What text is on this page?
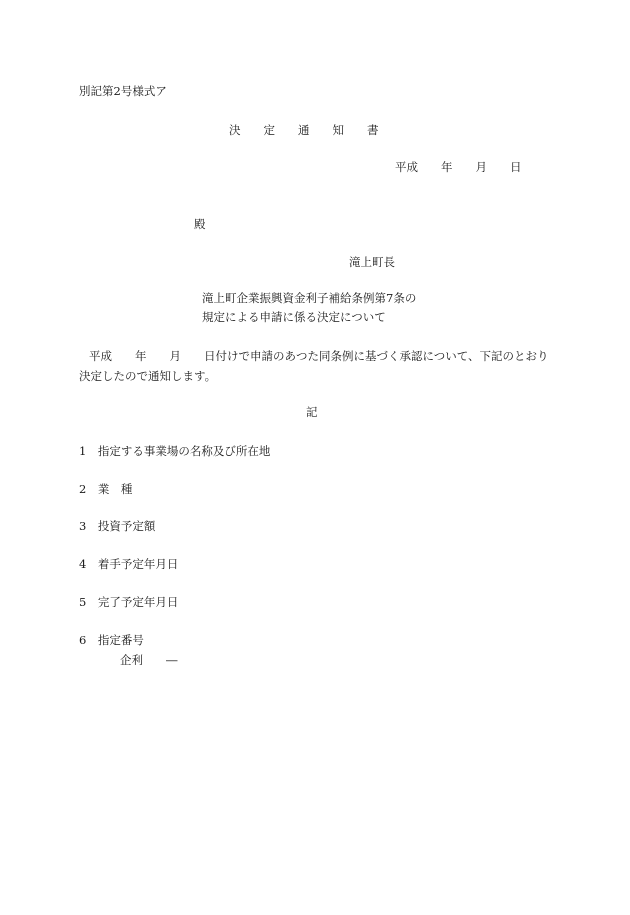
別記第2号様式ア
決　　定　　通　　知　　書
平成　　年　　月　　日
殿
滝上町長
滝上町企業振興資金利子補給条例第7条の
規定による申請に係る決定について

平成　　年　　月　　日付けで申請のあつた同条例に基づく承認について、下記のとおり決定したので通知します。

記
1　指定する事業場の名称及び所在地
2　業　種
3　投資予定額
4　着手予定年月日
5　完了予定年月日
6　指定番号
企利　　―
